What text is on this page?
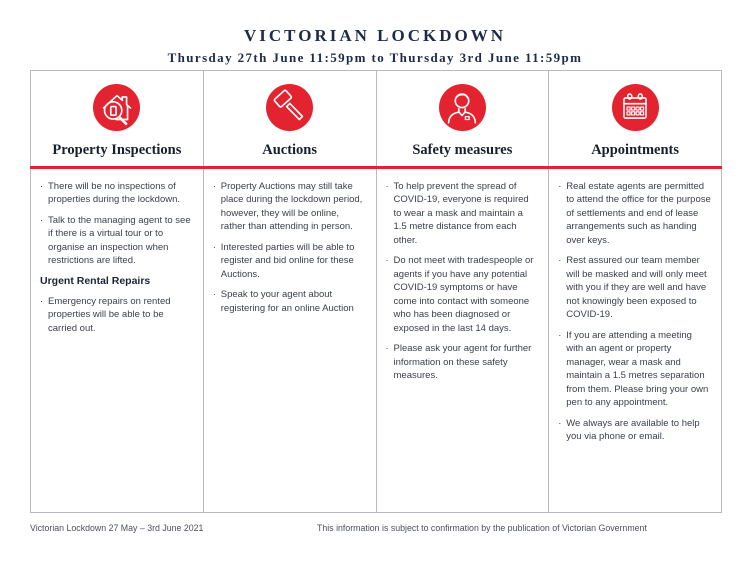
VICTORIAN LOCKDOWN
Thursday 27th June 11:59pm to Thursday 3rd June 11:59pm
Property Inspections
· There will be no inspections of properties during the lockdown.
· Talk to the managing agent to see if there is a virtual tour or to organise an inspection when restrictions are lifted.
Urgent Rental Repairs
· Emergency repairs on rented properties will be able to be carried out.
Auctions
· Property Auctions may still take place during the lockdown period, however, they will be online, rather than attending in person.
· Interested parties will be able to register and bid online for these Auctions.
· Speak to your agent about registering for an online Auction
Safety measures
· To help prevent the spread of COVID-19, everyone is required to wear a mask and maintain a 1.5 metre distance from each other.
· Do not meet with tradespeople or agents if you have any potential COVID-19 symptoms or have come into contact with someone who has been diagnosed or exposed in the last 14 days.
· Please ask your agent for further information on these safety measures.
Appointments
· Real estate agents are permitted to attend the office for the purpose of settlements and end of lease arrangements such as handing over keys.
· Rest assured our team member will be masked and will only meet with you if they are well and have not knowingly been exposed to COVID-19.
· If you are attending a meeting with an agent or property manager, wear a mask and maintain a 1.5 metres separation from them. Please bring your own pen to any appointment.
· We always are available to help you via phone or email.
Victorian Lockdown 27 May – 3rd June 2021	This information is subject to confirmation by the publication of Victorian Government
